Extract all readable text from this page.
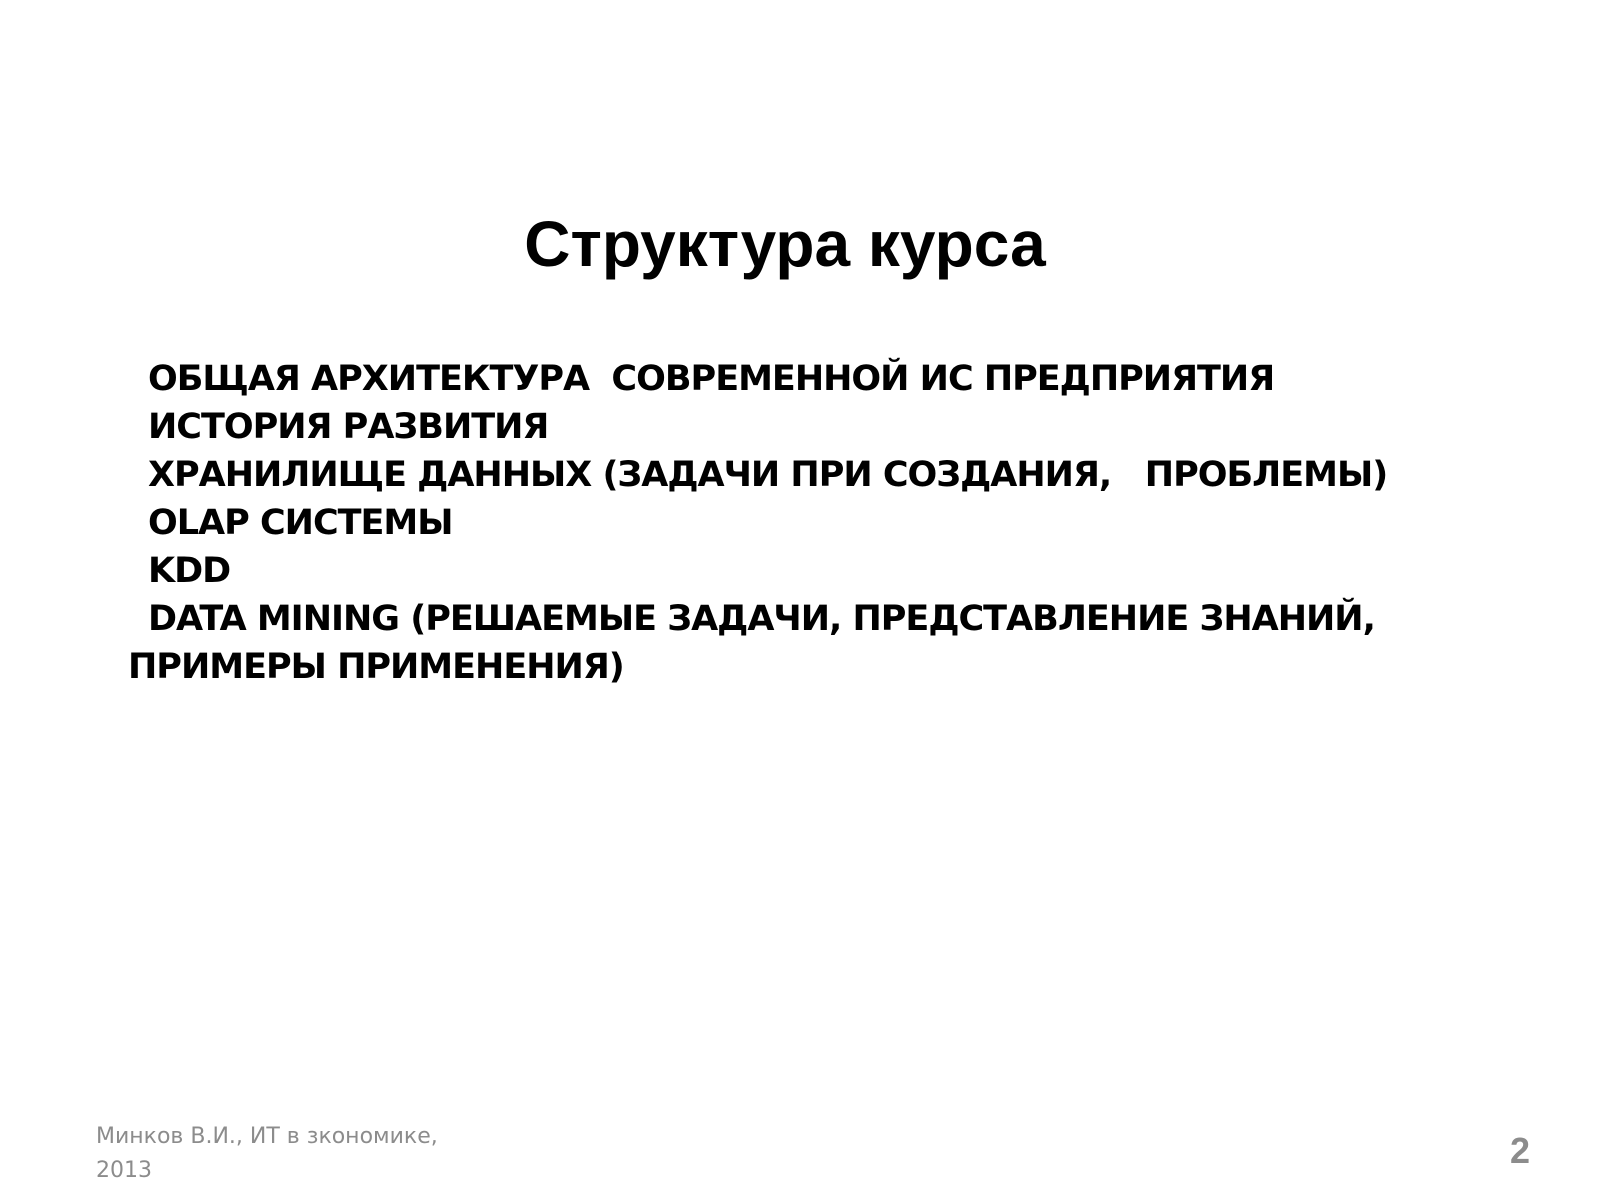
Структура курса
ОБЩАЯ АРХИТЕКТУРА  СОВРЕМЕННОЙ ИС ПРЕДПРИЯТИЯ
ИСТОРИЯ РАЗВИТИЯ
ХРАНИЛИЩЕ ДАННЫХ (ЗАДАЧИ ПРИ СОЗДАНИЯ,   ПРОБЛЕМЫ)
OLAP СИСТЕМЫ
KDD
DATA MINING (РЕШАЕМЫЕ ЗАДАЧИ, ПРЕДСТАВЛЕНИЕ ЗНАНИЙ,
ПРИМЕРЫ ПРИМЕНЕНИЯ)
Минков В.И., ИТ в зкономике,
2013	2
